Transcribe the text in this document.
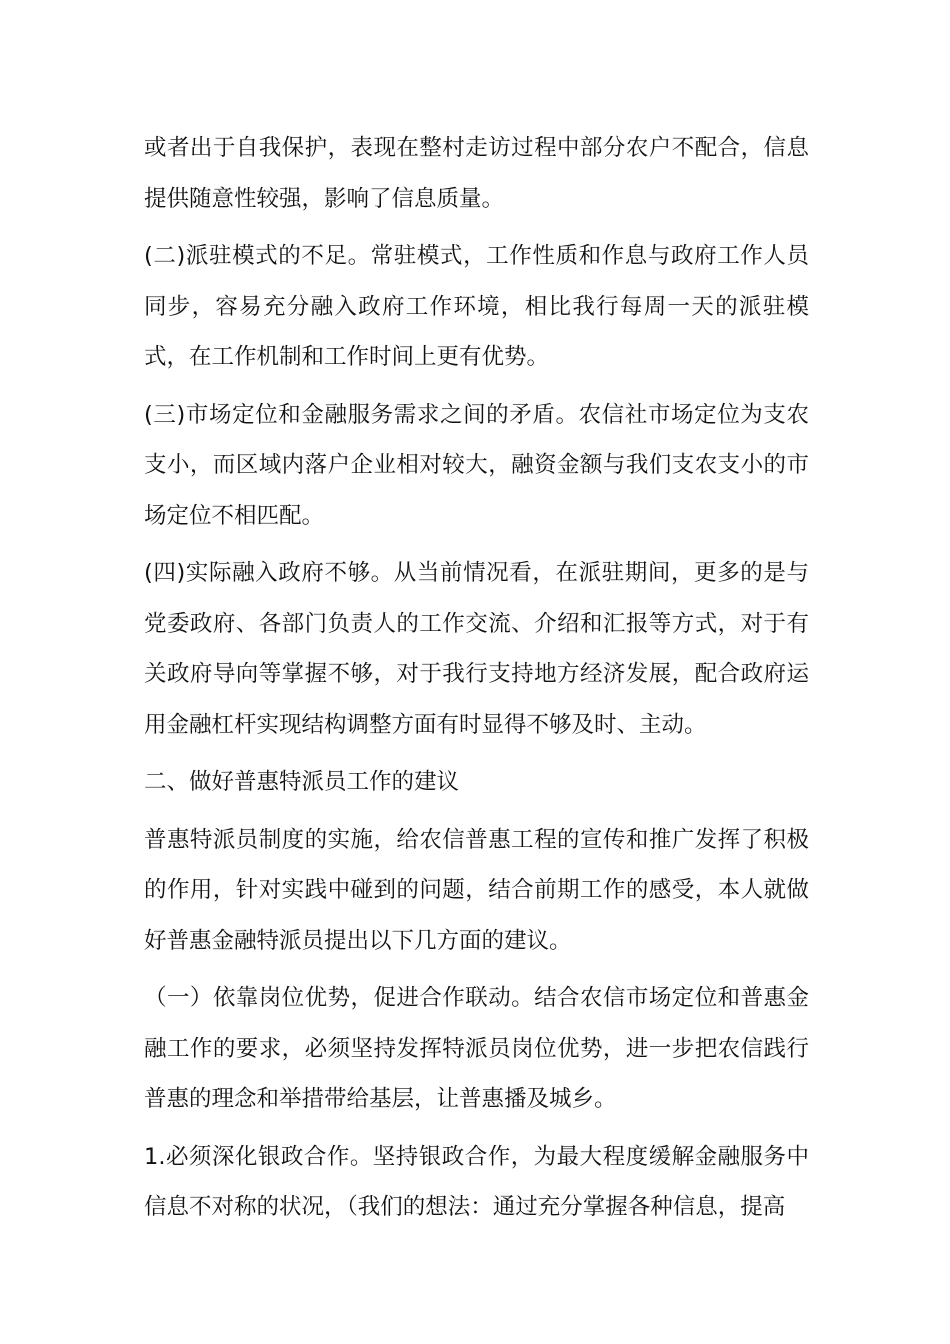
或者出于自我保护，表现在整村走访过程中部分农户不配合，信息提供随意性较强，影响了信息质量。

(二)派驻模式的不足。常驻模式，工作性质和作息与政府工作人员同步，容易充分融入政府工作环境，相比我行每周一天的派驻模式，在工作机制和工作时间上更有优势。

(三)市场定位和金融服务需求之间的矛盾。农信社市场定位为支农支小，而区域内落户企业相对较大，融资金额与我们支农支小的市场定位不相匹配。

(四)实际融入政府不够。从当前情况看，在派驻期间，更多的是与党委政府、各部门负责人的工作交流、介绍和汇报等方式，对于有关政府导向等掌握不够，对于我行支持地方经济发展，配合政府运用金融杠杆实现结构调整方面有时显得不够及时、主动。

二、做好普惠特派员工作的建议

普惠特派员制度的实施，给农信普惠工程的宣传和推广发挥了积极的作用，针对实践中碰到的问题，结合前期工作的感受，本人就做好普惠金融特派员提出以下几方面的建议。

（一）依靠岗位优势，促进合作联动。结合农信市场定位和普惠金融工作的要求，必须坚持发挥特派员岗位优势，进一步把农信践行普惠的理念和举措带给基层，让普惠播及城乡。

1.必须深化银政合作。坚持银政合作，为最大程度缓解金融服务中信息不对称的状况，（我们的想法：通过充分掌握各种信息，提高
